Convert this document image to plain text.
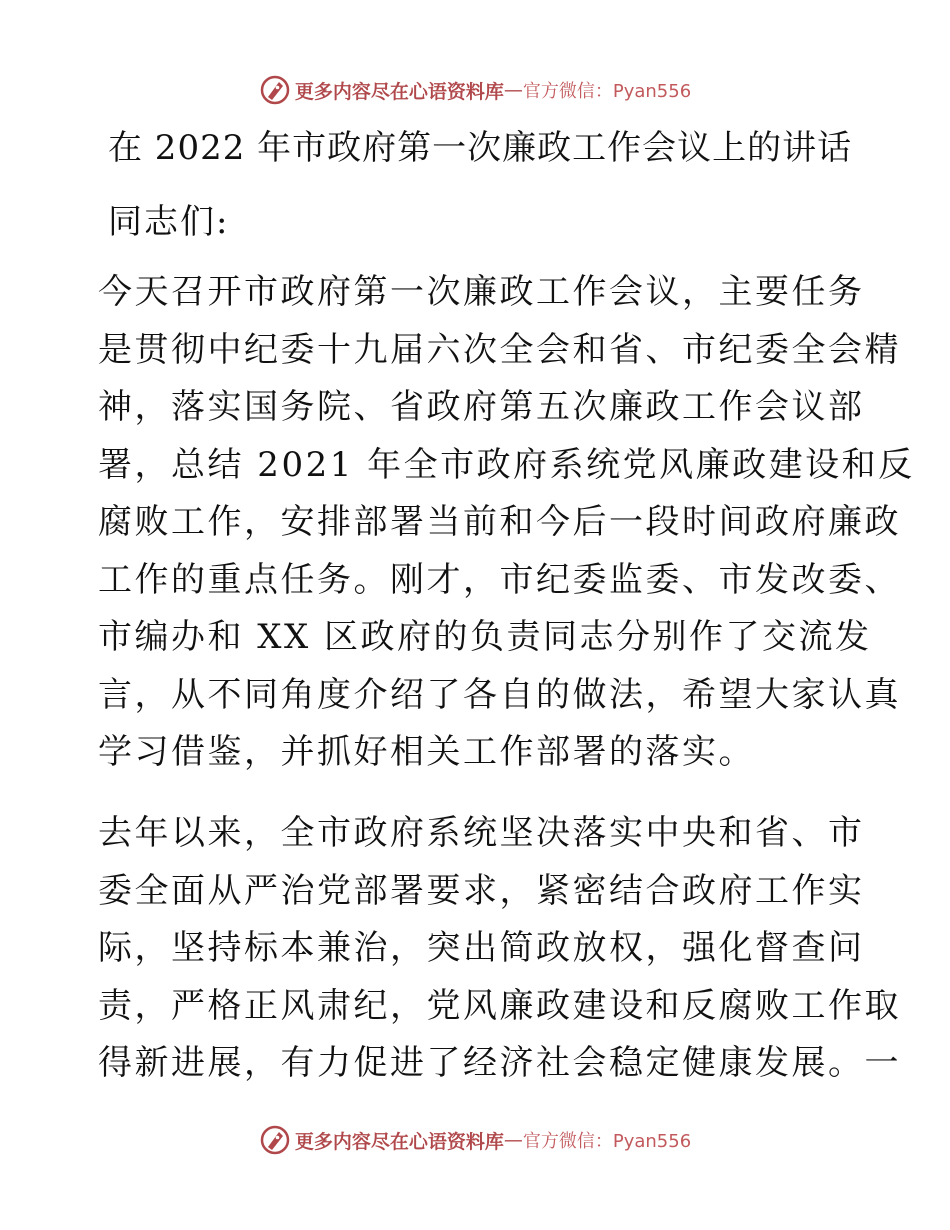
更多内容尽在心语资料库 — 官方微信：Pyan556
在 2022 年市政府第一次廉政工作会议上的讲话
同志们:
今天召开市政府第一次廉政工作会议，主要任务
是贯彻中纪委十九届六次全会和省、市纪委全会精
神，落实国务院、省政府第五次廉政工作会议部
署，总结 2021 年全市政府系统党风廉政建设和反
腐败工作，安排部署当前和今后一段时间政府廉政
工作的重点任务。刚才，市纪委监委、市发改委、
市编办和 XX 区政府的负责同志分别作了交流发
言，从不同角度介绍了各自的做法，希望大家认真
学习借鉴，并抓好相关工作部署的落实。
去年以来，全市政府系统坚决落实中央和省、市
委全面从严治党部署要求，紧密结合政府工作实
际，坚持标本兼治，突出简政放权，强化督查问
责，严格正风肃纪，党风廉政建设和反腐败工作取
得新进展，有力促进了经济社会稳定健康发展。一
更多内容尽在心语资料库 — 官方微信：Pyan556
